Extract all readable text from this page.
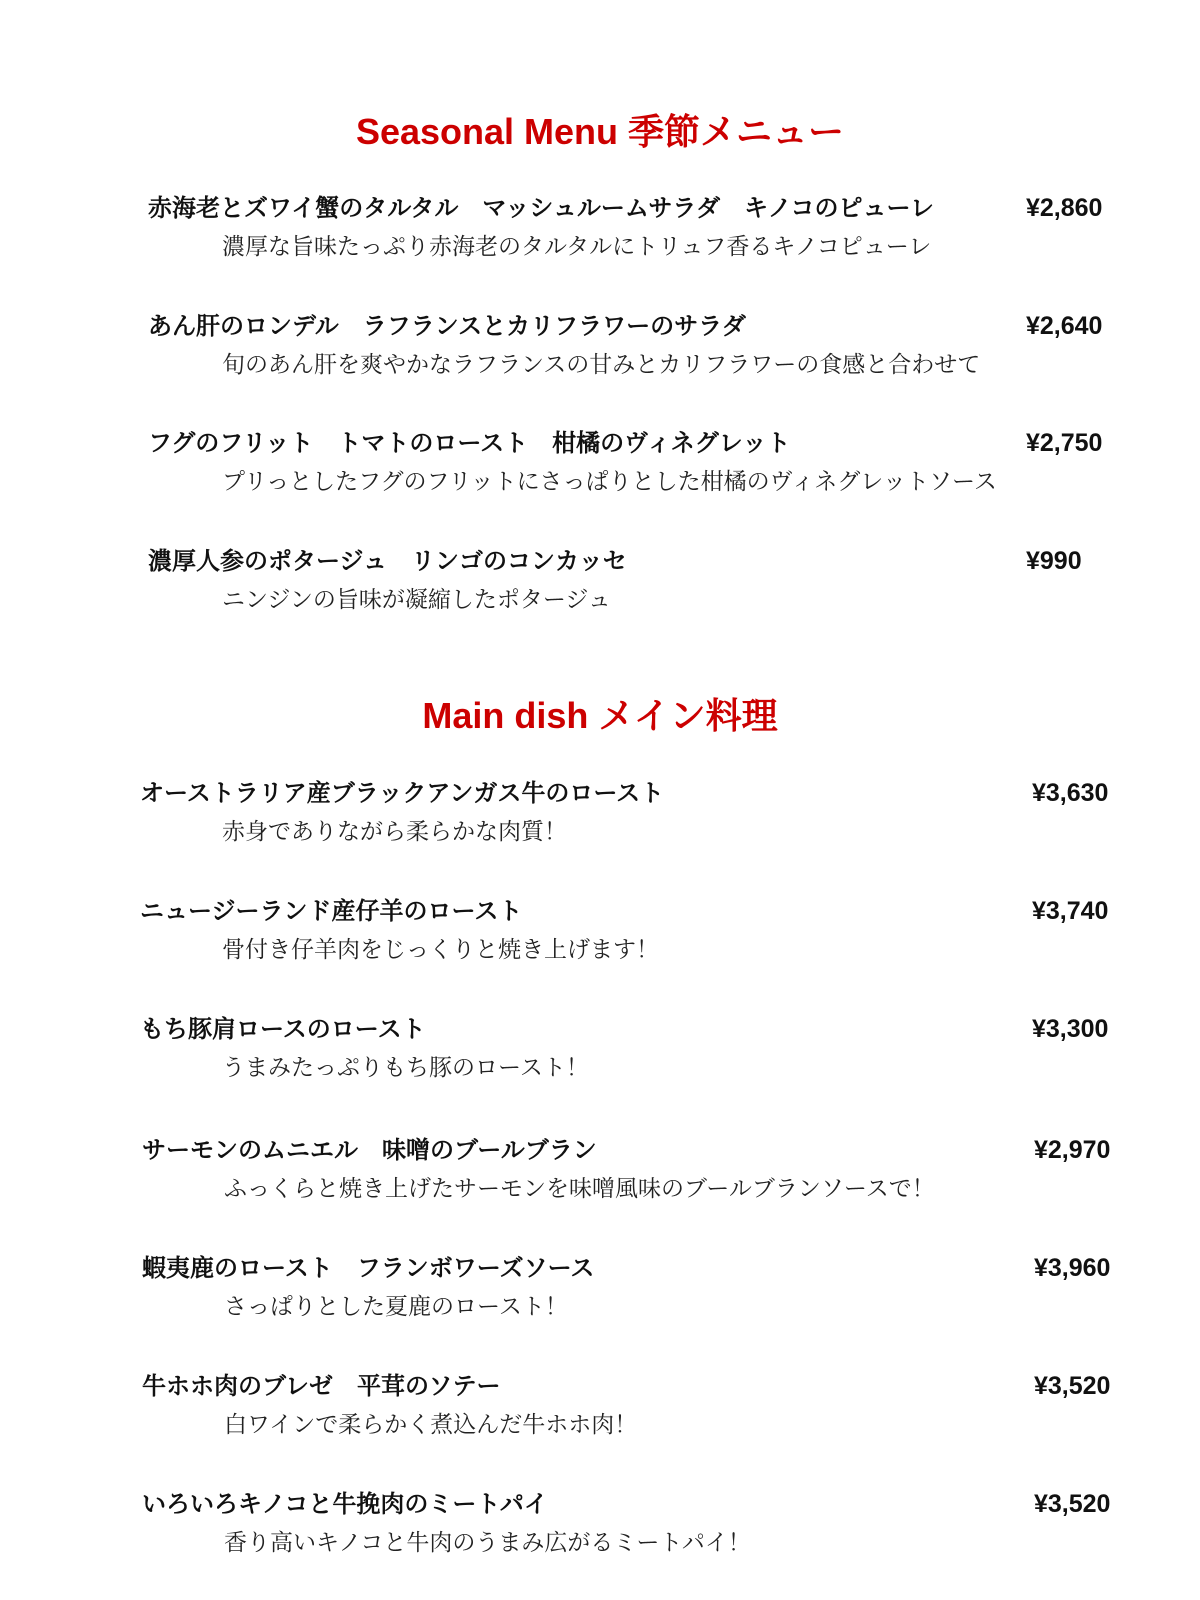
Seasonal Menu 季節メニュー
赤海老とズワイ蟹のタルタル　マッシュルームサラダ　キノコのピューレ	¥2,860
濃厚な旨味たっぷり赤海老のタルタルにトリュフ香るキノコピューレ
あん肝のロンデル　ラフランスとカリフラワーのサラダ	¥2,640
旬のあん肝を爽やかなラフランスの甘みとカリフラワーの食感と合わせて
フグのフリット　トマトのロースト　柑橘のヴィネグレット	¥2,750
プリっとしたフグのフリットにさっぱりとした柑橘のヴィネグレットソース
濃厚人参のポタージュ　リンゴのコンカッセ	¥990
ニンジンの旨味が凝縮したポタージュ
Main dish メイン料理
オーストラリア産ブラックアンガス牛のロースト	¥3,630
赤身でありながら柔らかな肉質！
ニュージーランド産仔羊のロースト	¥3,740
骨付き仔羊肉をじっくりと焼き上げます！
もち豚肩ロースのロースト	¥3,300
うまみたっぷりもち豚のロースト！
サーモンのムニエル　味噌のブールブラン	¥2,970
ふっくらと焼き上げたサーモンを味噌風味のブールブランソースで！
蝦夷鹿のロースト　フランボワーズソース	¥3,960
さっぱりとした夏鹿のロースト！
牛ホホ肉のブレゼ　平茸のソテー	¥3,520
白ワインで柔らかく煮込んだ牛ホホ肉！
いろいろキノコと牛挽肉のミートパイ	¥3,520
香り高いキノコと牛肉のうまみ広がるミートパイ！
